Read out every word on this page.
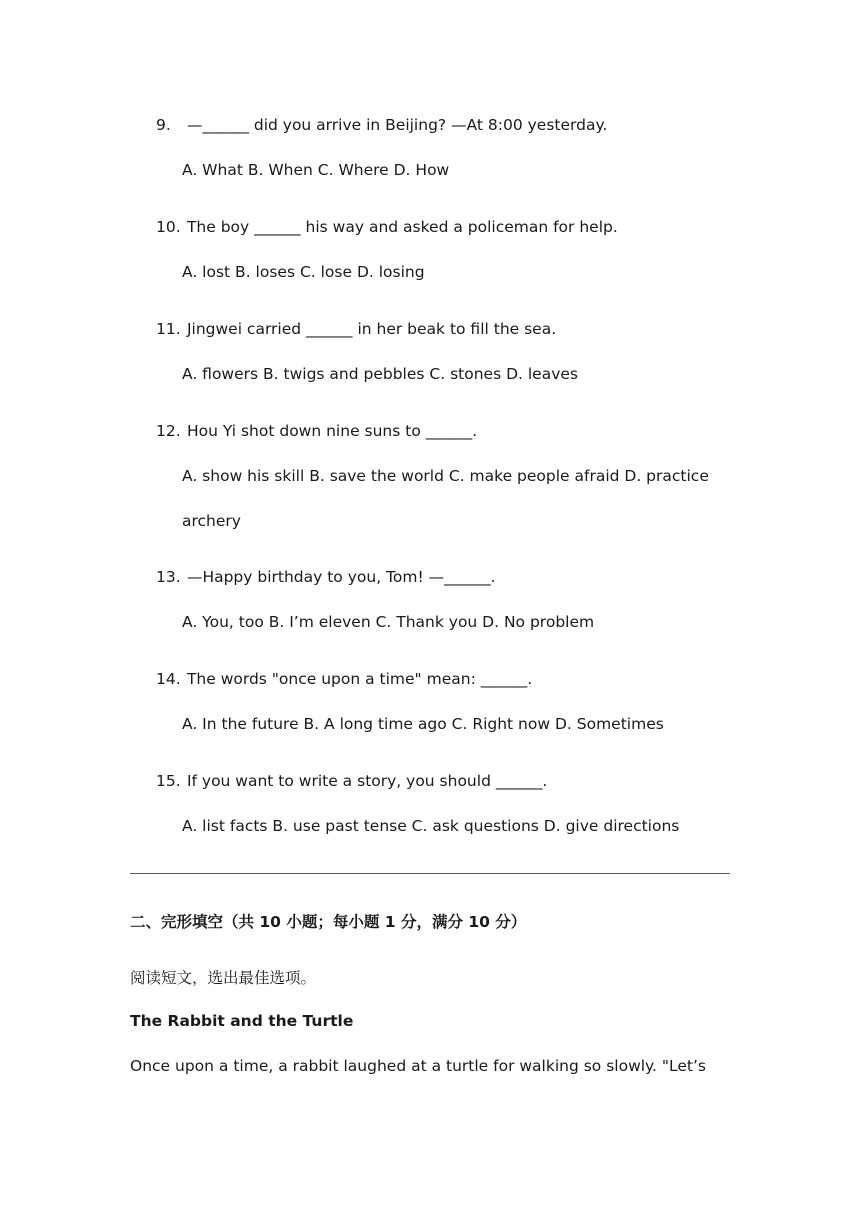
9. —______ did you arrive in Beijing? —At 8:00 yesterday.
A. What B. When C. Where D. How
10. The boy ______ his way and asked a policeman for help.
A. lost B. loses C. lose D. losing
11. Jingwei carried ______ in her beak to fill the sea.
A. flowers B. twigs and pebbles C. stones D. leaves
12. Hou Yi shot down nine suns to ______.
A. show his skill B. save the world C. make people afraid D. practice
archery
13. —Happy birthday to you, Tom! —______.
A. You, too B. I’m eleven C. Thank you D. No problem
14. The words "once upon a time" mean: ______.
A. In the future B. A long time ago C. Right now D. Sometimes
15. If you want to write a story, you should ______.
A. list facts B. use past tense C. ask questions D. give directions
二、完形填空（共 10 小题；每小题 1 分，满分 10 分）
阅读短文，选出最佳选项。
The Rabbit and the Turtle
Once upon a time, a rabbit laughed at a turtle for walking so slowly. "Let’s
